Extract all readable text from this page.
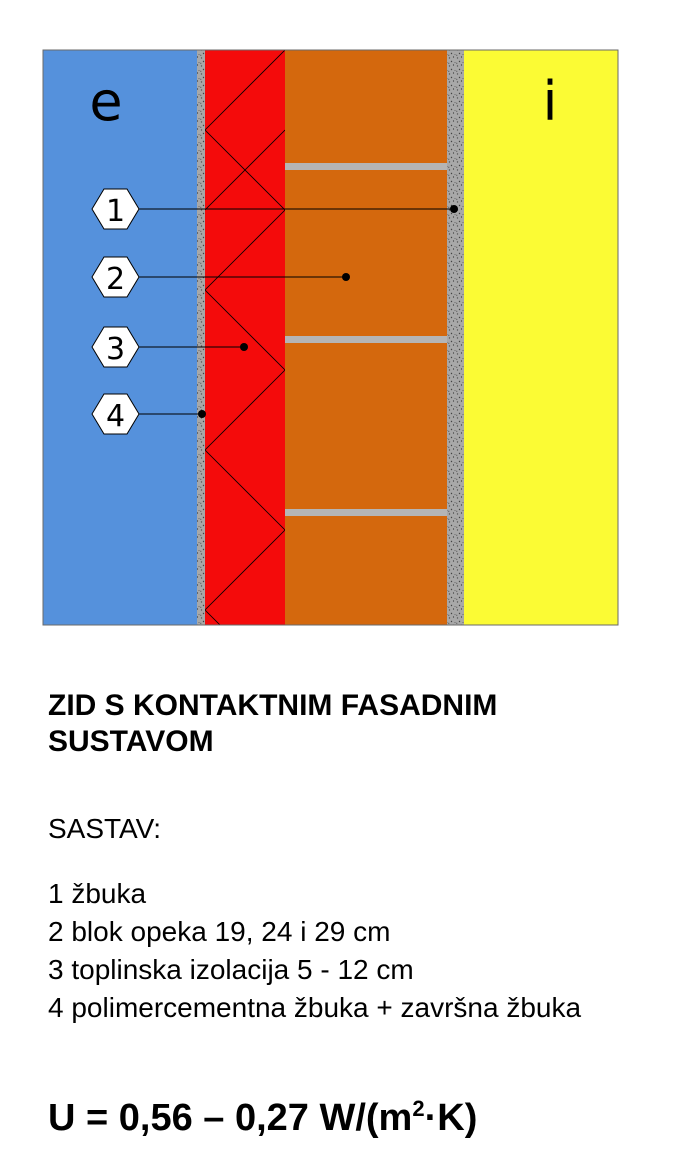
e	i
1
2
3
4
ZID S KONTAKTNIM FASADNIM
SUSTAVOM

SASTAV:

1 žbuka
2 blok opeka 19, 24 i 29 cm
3 toplinska izolacija 5 - 12 cm
4 polimercementna žbuka + završna žbuka
U = 0,56 – 0,27 $W/(m^2\cdot K)$
